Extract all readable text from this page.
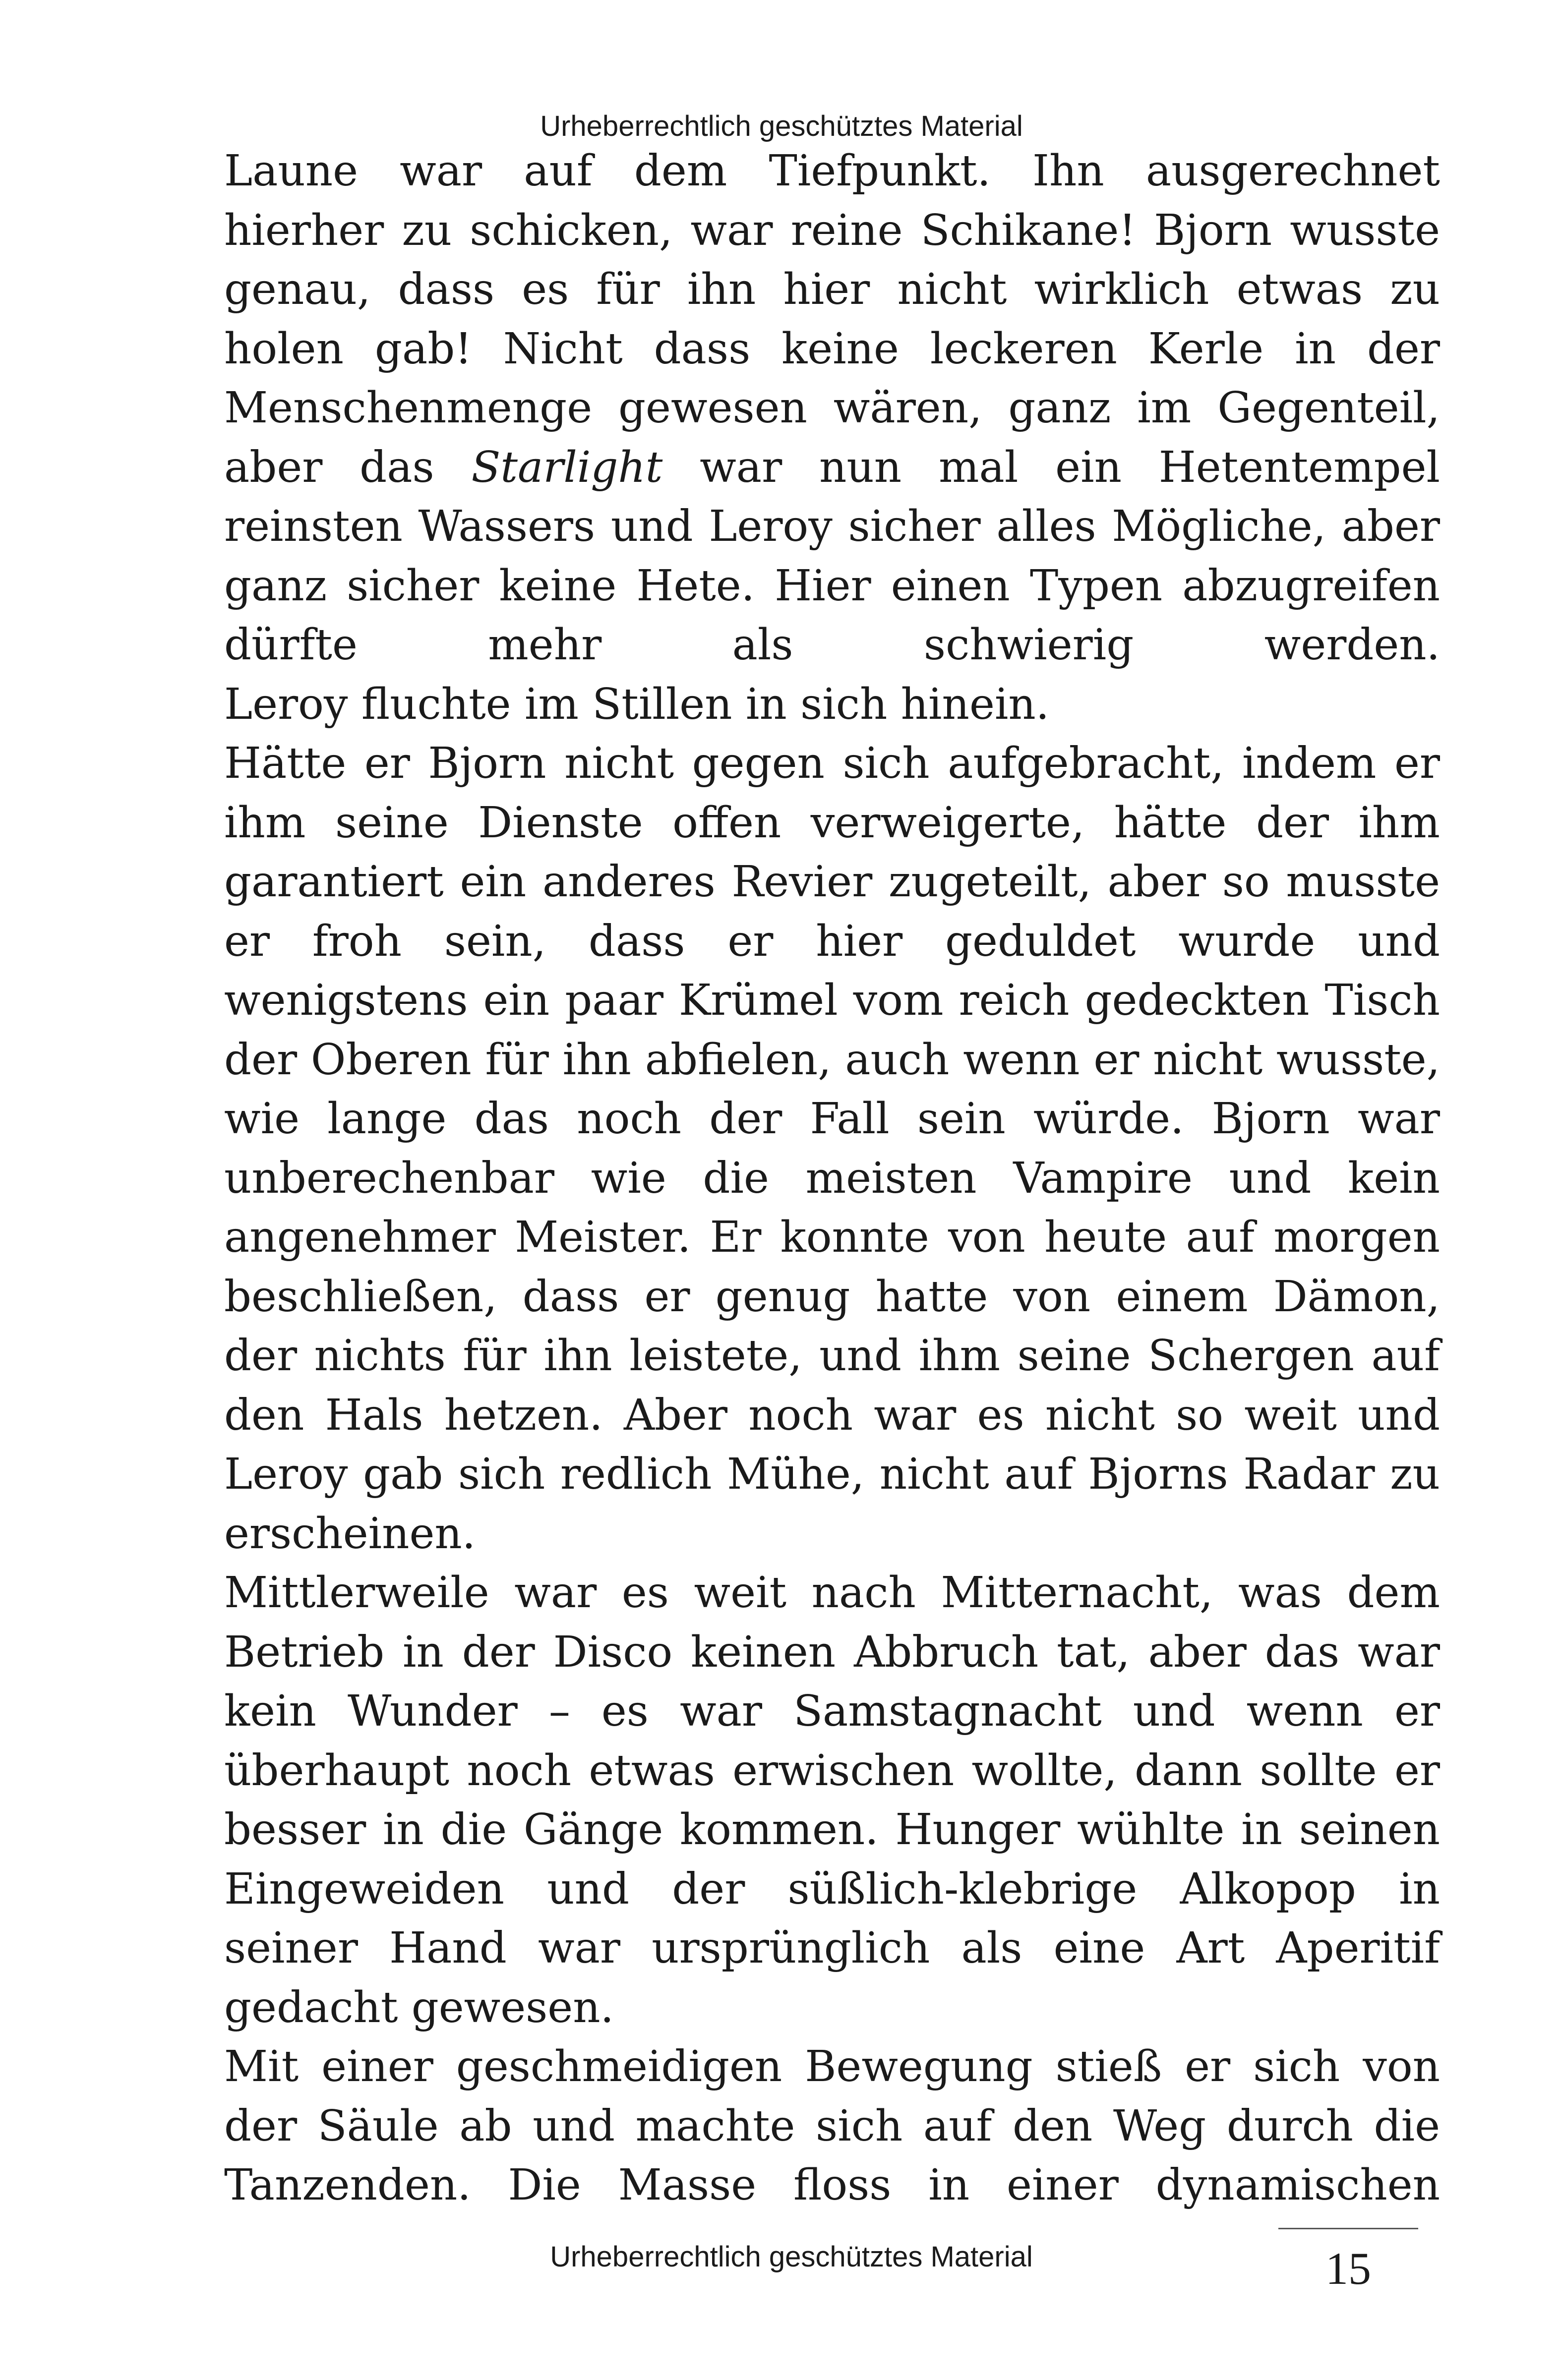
Urheberrechtlich geschütztes Material

Laune war auf dem Tiefpunkt. Ihn ausgerechnet hierher zu schicken, war reine Schikane! Bjorn wusste genau, dass es für ihn hier nicht wirklich etwas zu holen gab! Nicht dass keine leckeren Kerle in der Menschenmenge gewesen wären, ganz im Gegenteil, aber das Starlight war nun mal ein Hetentempel reinsten Wassers und Leroy sicher alles Mögliche, aber ganz sicher keine Hete. Hier einen Typen abzugreifen dürfte mehr als schwierig werden.

Leroy fluchte im Stillen in sich hinein.

Hätte er Bjorn nicht gegen sich aufgebracht, indem er ihm seine Dienste offen verweigerte, hätte der ihm garantiert ein anderes Revier zugeteilt, aber so musste er froh sein, dass er hier geduldet wurde und wenigstens ein paar Krümel vom reich gedeckten Tisch der Oberen für ihn abfielen, auch wenn er nicht wusste, wie lange das noch der Fall sein würde. Bjorn war unberechenbar wie die meisten Vampire und kein angenehmer Meister. Er konnte von heute auf morgen beschließen, dass er genug hatte von einem Dämon, der nichts für ihn leistete, und ihm seine Schergen auf den Hals hetzen. Aber noch war es nicht so weit und Leroy gab sich redlich Mühe, nicht auf Bjorns Radar zu erscheinen.

Mittlerweile war es weit nach Mitternacht, was dem Betrieb in der Disco keinen Abbruch tat, aber das war kein Wunder – es war Samstagnacht und wenn er überhaupt noch etwas erwischen wollte, dann sollte er besser in die Gänge kommen. Hunger wühlte in seinen Eingeweiden und der süßlich-klebrige Alkopop in seiner Hand war ursprünglich als eine Art Aperitif gedacht gewesen.

Mit einer geschmeidigen Bewegung stieß er sich von der Säule ab und machte sich auf den Weg durch die Tanzenden. Die Masse floss in einer dynamischen

Urheberrechtlich geschütztes Material	15
